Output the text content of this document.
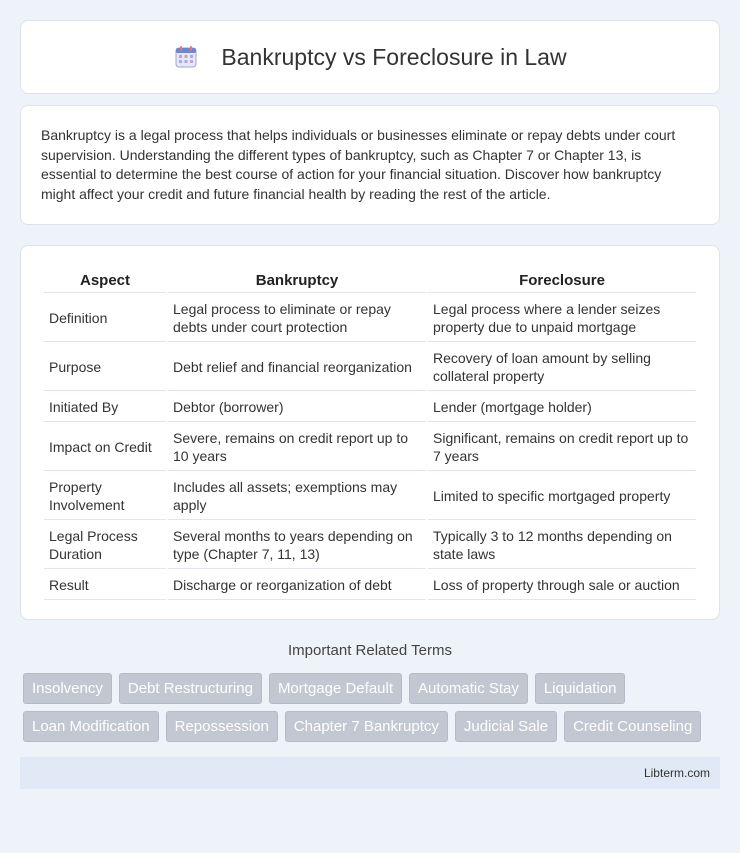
Bankruptcy vs Foreclosure in Law
Bankruptcy is a legal process that helps individuals or businesses eliminate or repay debts under court supervision. Understanding the different types of bankruptcy, such as Chapter 7 or Chapter 13, is essential to determine the best course of action for your financial situation. Discover how bankruptcy might affect your credit and future financial health by reading the rest of the article.
Aspect	Bankruptcy	Foreclosure
Definition	Legal process to eliminate or repay debts under court protection	Legal process where a lender seizes property due to unpaid mortgage
Purpose	Debt relief and financial reorganization	Recovery of loan amount by selling collateral property
Initiated By	Debtor (borrower)	Lender (mortgage holder)
Impact on Credit	Severe, remains on credit report up to 10 years	Significant, remains on credit report up to 7 years
Property Involvement	Includes all assets; exemptions may apply	Limited to specific mortgaged property
Legal Process Duration	Several months to years depending on type (Chapter 7, 11, 13)	Typically 3 to 12 months depending on state laws
Result	Discharge or reorganization of debt	Loss of property through sale or auction
Important Related Terms
Insolvency	Debt Restructuring	Mortgage Default	Automatic Stay	Liquidation
Loan Modification	Repossession	Chapter 7 Bankruptcy	Judicial Sale	Credit Counseling
Libterm.com
